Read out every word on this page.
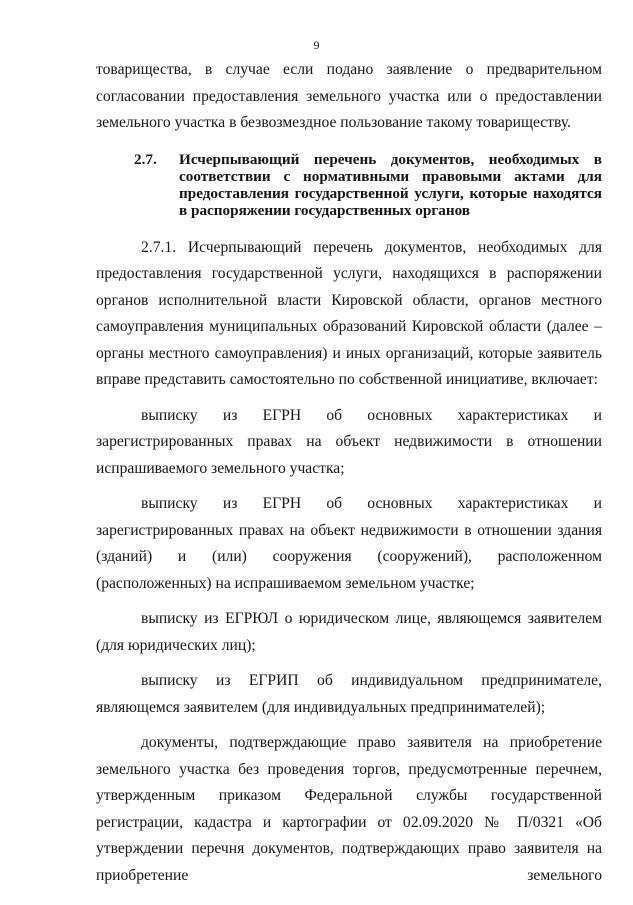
9

товарищества, в случае если подано заявление о предварительном согласовании предоставления земельного участка или о предоставлении земельного участка в безвозмездное пользование такому товариществу.

2.7.	Исчерпывающий перечень документов, необходимых в соответствии с нормативными правовыми актами для предоставления государственной услуги, которые находятся в распоряжении государственных органов

2.7.1. Исчерпывающий перечень документов, необходимых для предоставления государственной услуги, находящихся в распоряжении органов исполнительной власти Кировской области, органов местного самоуправления муниципальных образований Кировской области (далее – органы местного самоуправления) и иных организаций, которые заявитель вправе представить самостоятельно по собственной инициативе, включает:

выписку из ЕГРН об основных характеристиках и зарегистрированных правах на объект недвижимости в отношении испрашиваемого земельного участка;

выписку из ЕГРН об основных характеристиках и зарегистрированных правах на объект недвижимости в отношении здания (зданий) и (или) сооружения (сооружений), расположенном (расположенных) на испрашиваемом земельном участке;

выписку из ЕГРЮЛ о юридическом лице, являющемся заявителем (для юридических лиц);

выписку из ЕГРИП об индивидуальном предпринимателе, являющемся заявителем (для индивидуальных предпринимателей);

документы, подтверждающие право заявителя на приобретение земельного участка без проведения торгов, предусмотренные перечнем, утвержденным приказом Федеральной службы государственной регистрации, кадастра и картографии от 02.09.2020 № П/0321 «Об утверждении перечня документов, подтверждающих право заявителя на приобретение земельного
